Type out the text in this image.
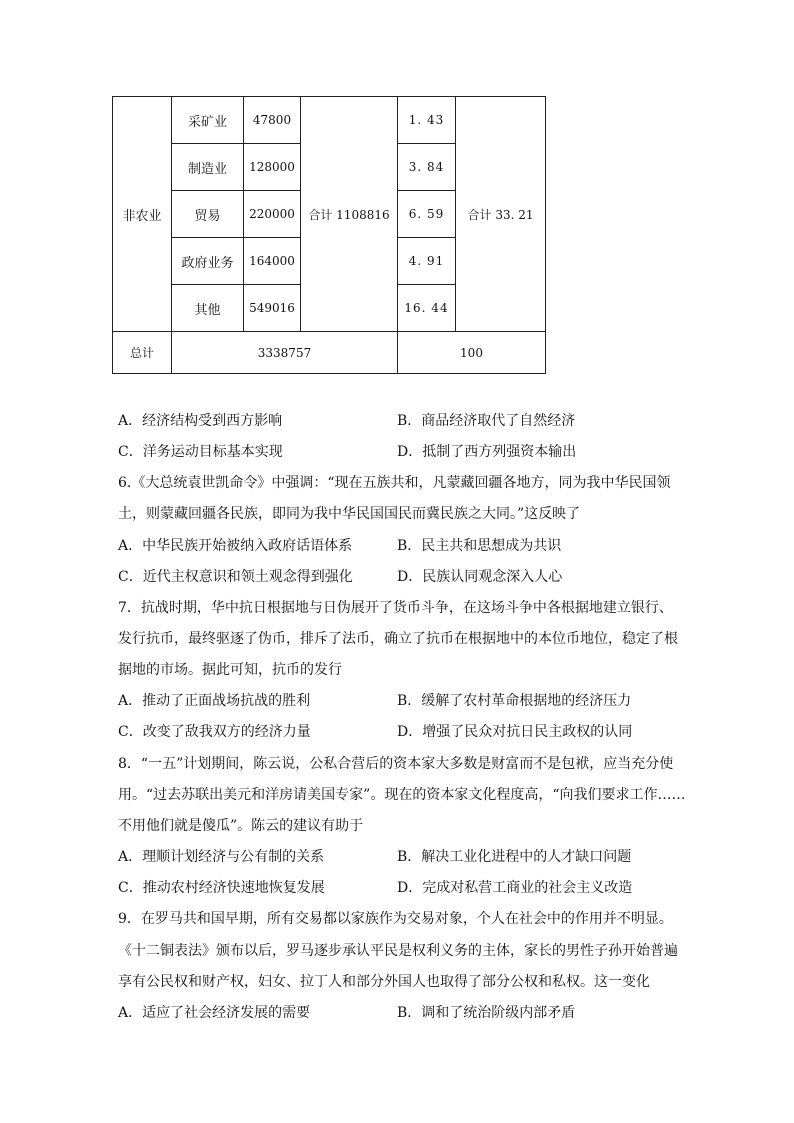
非农业	采矿业	47800	合计 1108816	1. 43	合计 33. 21
	制造业	128000		3. 84	
	贸易	220000		6. 59	
	政府业务	164000		4. 91	
	其他	549016		16. 44	
总计	3338757			100	
A．经济结构受到西方影响	B．商品经济取代了自然经济
C．洋务运动目标基本实现	D．抵制了西方列强资本输出
6.《大总统袁世凯命令》中强调：“现在五族共和，凡蒙藏回疆各地方，同为我中华民国领
土，则蒙藏回疆各民族，即同为我中华民国国民而冀民族之大同。”这反映了
A．中华民族开始被纳入政府话语体系	B．民主共和思想成为共识
C．近代主权意识和领土观念得到强化	D．民族认同观念深入人心
7．抗战时期，华中抗日根据地与日伪展开了货币斗争，在这场斗争中各根据地建立银行、
发行抗币，最终驱逐了伪币，排斥了法币，确立了抗币在根据地中的本位币地位，稳定了根
据地的市场。据此可知，抗币的发行
A．推动了正面战场抗战的胜利	B．缓解了农村革命根据地的经济压力
C．改变了敌我双方的经济力量	D．增强了民众对抗日民主政权的认同
8．“一五”计划期间，陈云说，公私合营后的资本家大多数是财富而不是包袱，应当充分使
用。“过去苏联出美元和洋房请美国专家”。现在的资本家文化程度高，“向我们要求工作……
不用他们就是傻瓜”。陈云的建议有助于
A．理顺计划经济与公有制的关系	B．解决工业化进程中的人才缺口问题
C．推动农村经济快速地恢复发展	D．完成对私营工商业的社会主义改造
9．在罗马共和国早期，所有交易都以家族作为交易对象，个人在社会中的作用并不明显。
《十二铜表法》颁布以后，罗马逐步承认平民是权利义务的主体，家长的男性子孙开始普遍
享有公民权和财产权，妇女、拉丁人和部分外国人也取得了部分公权和私权。这一变化
A．适应了社会经济发展的需要	B．调和了统治阶级内部矛盾
